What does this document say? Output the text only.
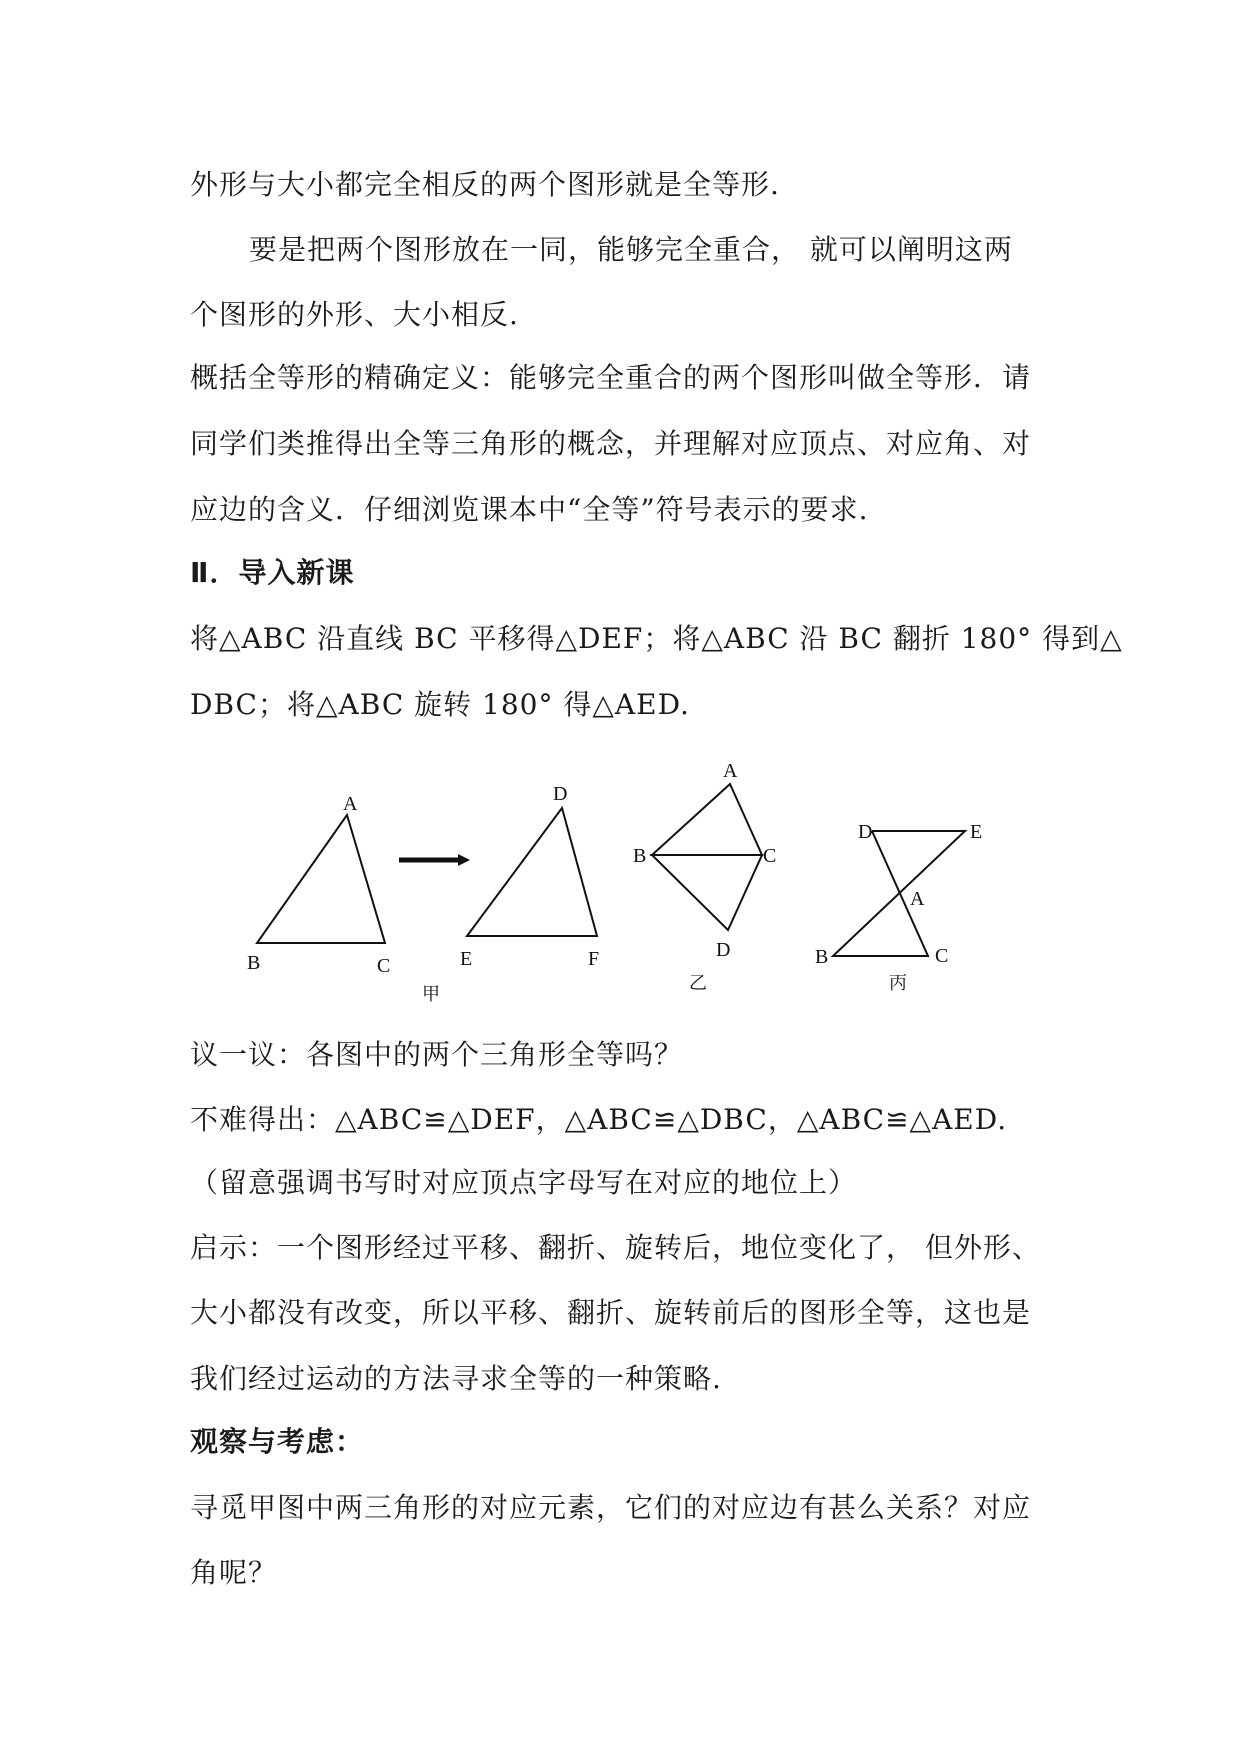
外形与大小都完全相反的两个图形就是全等形.
要是把两个图形放在一同，能够完全重合， 就可以阐明这两
个图形的外形、大小相反.
概括全等形的精确定义：能够完全重合的两个图形叫做全等形．请
同学们类推得出全等三角形的概念，并理解对应顶点、对应角、对
应边的含义．仔细浏览课本中“全等”符号表示的要求.
Ⅱ．导入新课
将△ABC 沿直线 BC 平移得△DEF；将△ABC 沿 BC 翻折 180° 得到△
DBC；将△ABC 旋转 180° 得△AED.
A
B	C
D
E	F
甲
A
B	C
D
乙
D	E
A
B	C
丙
议一议：各图中的两个三角形全等吗？
不难得出：△ABC≌△DEF，△ABC≌△DBC，△ABC≌△AED.
（留意强调书写时对应顶点字母写在对应的地位上）
启示：一个图形经过平移、翻折、旋转后，地位变化了， 但外形、
大小都没有改变，所以平移、翻折、旋转前后的图形全等，这也是
我们经过运动的方法寻求全等的一种策略.
观察与考虑：
寻觅甲图中两三角形的对应元素，它们的对应边有甚么关系？对应
角呢？
